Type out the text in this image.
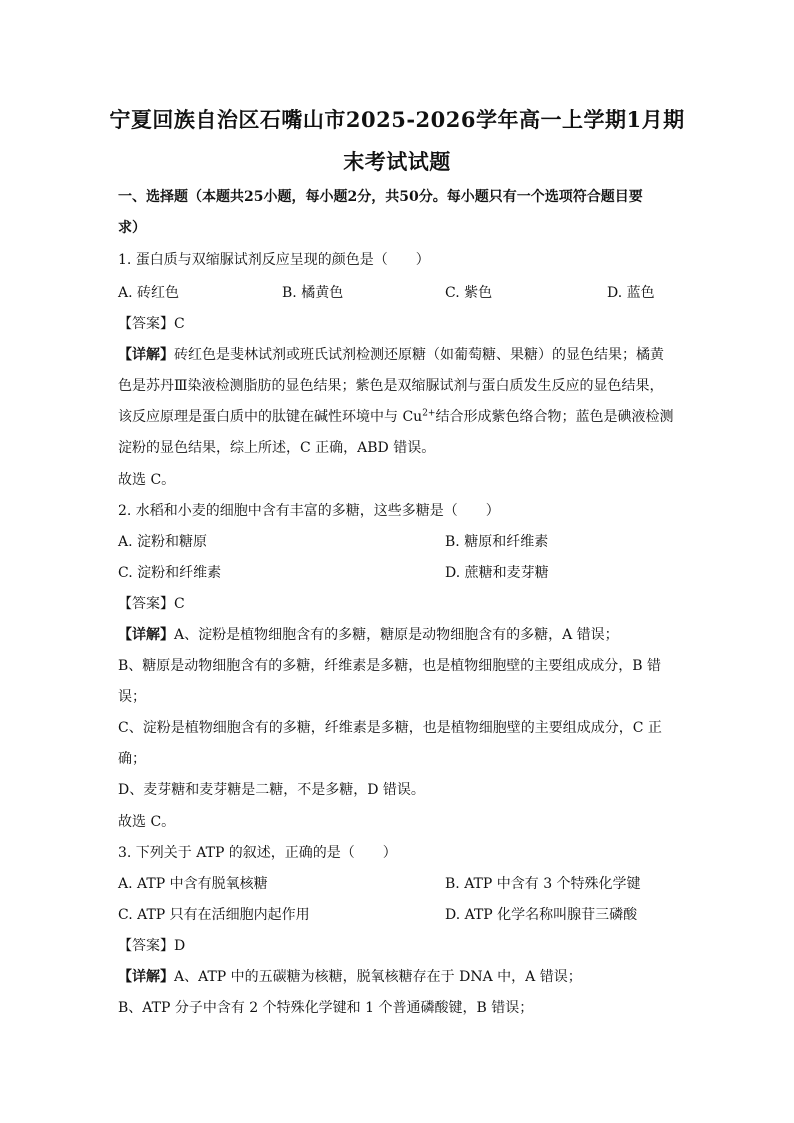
宁夏回族自治区石嘴山市2025-2026学年高一上学期1月期
末考试试题
一、选择题（本题共25小题，每小题2分，共50分。每小题只有一个选项符合题目要
求）
1. 蛋白质与双缩脲试剂反应呈现的颜色是（　　）
A. 砖红色	B. 橘黄色	C. 紫色	D. 蓝色
【答案】C
【详解】砖红色是斐林试剂或班氏试剂检测还原糖（如葡萄糖、果糖）的显色结果；橘黄
色是苏丹Ⅲ染液检测脂肪的显色结果；紫色是双缩脲试剂与蛋白质发生反应的显色结果，
该反应原理是蛋白质中的肽键在碱性环境中与 $Cu^{2+}$结合形成紫色络合物；蓝色是碘液检测
淀粉的显色结果，综上所述，C 正确，ABD 错误。
故选 C。
2. 水稻和小麦的细胞中含有丰富的多糖，这些多糖是（　　）
A. 淀粉和糖原	B. 糖原和纤维素
C. 淀粉和纤维素	D. 蔗糖和麦芽糖
【答案】C
【详解】A、淀粉是植物细胞含有的多糖，糖原是动物细胞含有的多糖，A 错误；
B、糖原是动物细胞含有的多糖，纤维素是多糖，也是植物细胞壁的主要组成成分，B 错
误；
C、淀粉是植物细胞含有的多糖，纤维素是多糖，也是植物细胞壁的主要组成成分，C 正
确；
D、麦芽糖和麦芽糖是二糖，不是多糖，D 错误。
故选 C。
3. 下列关于 ATP 的叙述，正确的是（　　）
A. ATP 中含有脱氧核糖	B. ATP 中含有 3 个特殊化学键
C. ATP 只有在活细胞内起作用	D. ATP 化学名称叫腺苷三磷酸
【答案】D
【详解】A、ATP 中的五碳糖为核糖，脱氧核糖存在于 DNA 中，A 错误；
B、ATP 分子中含有 2 个特殊化学键和 1 个普通磷酸键，B 错误；
